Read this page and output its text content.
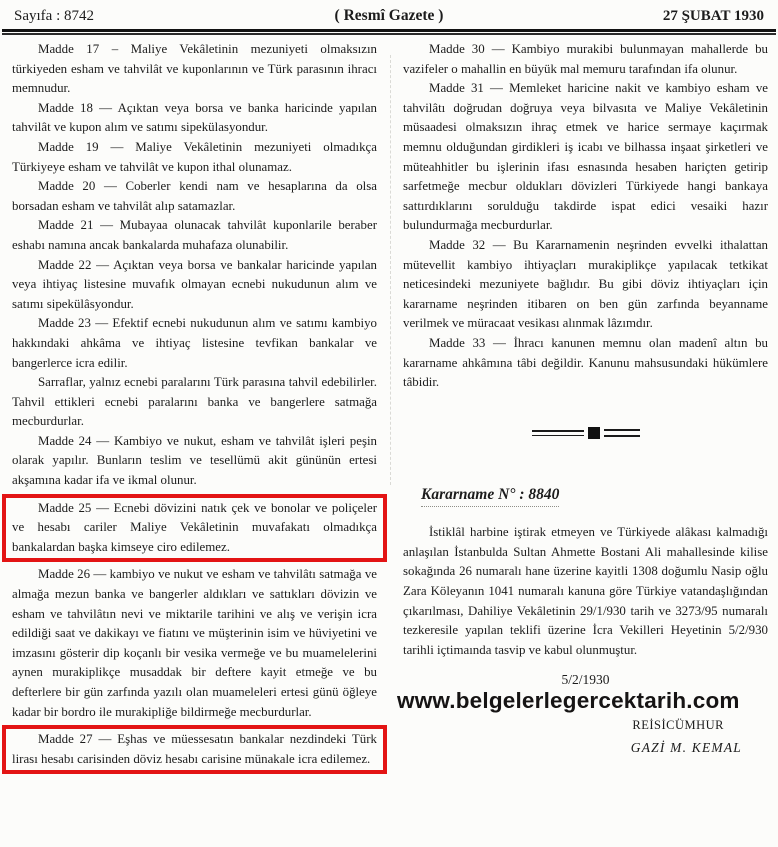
Sayıfa : 8742	( Resmî Gazete )	27 ŞUBAT 1930

Madde 17 – Maliye Vekâletinin mezuniyeti olmaksızın türkiyeden esham ve tahvilât ve kuponlarının ve Türk parasının ihracı memnudur.

Madde 18 — Açıktan veya borsa ve banka haricinde yapılan tahvilât ve kupon alım ve satımı sipekülasyondur.

Madde 19 — Maliye Vekâletinin mezuniyeti olmadıkça Türkiyeye esham ve tahvilât ve kupon ithal olunamaz.

Madde 20 — Coberler kendi nam ve hesaplarına da olsa borsadan esham ve tahvilât alıp satamazlar.

Madde 21 — Mubayaa olunacak tahvilât kuponlarile beraber eshabı namına ancak bankalarda muhafaza olunabilir.

Madde 22 — Açıktan veya borsa ve bankalar haricinde yapılan veya ihtiyaç listesine muvafık olmayan ecnebi nukudunun alım ve satımı sipekülâsyondur.

Madde 23 — Efektif ecnebi nukudunun alım ve satımı kambiyo hakkındaki ahkâma ve ihtiyaç listesine tevfikan bankalar ve bangerlerce icra edilir.

Sarraflar, yalnız ecnebi paralarını Türk parasına tahvil edebilirler. Tahvil ettikleri ecnebi paralarını banka ve bangerlere satmağa mecburdurlar.

Madde 24 — Kambiyo ve nukut, esham ve tahvilât işleri peşin olarak yapılır. Bunların teslim ve tesellümü akit gününün ertesi akşamına kadar ifa ve ikmal olunur.

Madde 25 — Ecnebi dövizini natık çek ve bonolar ve poliçeler ve hesabı cariler Maliye Vekâletinin muvafakatı olmadıkça bankalardan başka kimseye ciro edilemez.

Madde 26 — kambiyo ve nukut ve esham ve tahvilâtı satmağa ve almağa mezun banka ve bangerler aldıkları ve sattıkları dövizin ve esham ve tahvilâtın nevi ve miktarile tarihini ve alış ve verişin icra edildiği saat ve dakikayı ve fiatını ve müşterinin isim ve hüviyetini ve imzasını gösterir dip koçanlı bir vesika vermeğe ve bu muamelelerini aynen murakiplikçe musaddak bir deftere kayit etmeğe ve bu defterlere bir gün zarfında yazılı olan muameleleri ertesi günü öğleye kadar bir bordro ile murakipliğe bildirmeğe mecburdurlar.

Madde 27 — Eşhas ve müessesatın bankalar nezdindeki Türk lirası hesabı carisinden döviz hesabı carisine münakale icra edilemez.

Madde 30 — Kambiyo murakibi bulunmayan mahallerde bu vazifeler o mahallin en büyük mal memuru tarafından ifa olunur.

Madde 31 — Memleket haricine nakit ve kambiyo esham ve tahvilâtı doğrudan doğruya veya bilvasıta ve Maliye Vekâletinin müsaadesi olmaksızın ihraç etmek ve harice sermaye kaçırmak memnu olduğundan girdikleri iş icabı ve bilhassa inşaat şirketleri ve müteahhitler bu işlerinin ifası esnasında hesaben hariçten getirip sarfetmeğe mecbur oldukları dövizleri Türkiyede hangi bankaya sattırdıklarını sorulduğu takdirde ispat edici vesaiki hazır bulundurmağa mecburdurlar.

Madde 32 — Bu Kararnamenin neşrinden evvelki ithalattan mütevellit kambiyo ihtiyaçları murakiplikçe yapılacak tetkikat neticesindeki mezuniyete bağlıdır. Bu gibi döviz ihtiyaçları için kararname neşrinden itibaren on ben gün zarfında beyanname verilmek ve müracaat vesikası alınmak lâzımdır.

Madde 33 — İhracı kanunen memnu olan madenî altın bu kararname ahkâmına tâbi değildir. Kanunu mahsusundaki hükümlere tâbidir.

Kararname N° : 8840

İstiklâl harbine iştirak etmeyen ve Türkiyede alâkası kalmadığı anlaşılan İstanbulda Sultan Ahmette Bostani Ali mahallesinde kilise sokağında 26 numaralı hane üzerine kayitli 1308 doğumlu Nasip oğlu Zara Köleyanın 1041 numaralı kanuna göre Türkiye vatandaşlığından çıkarılması, Dahiliye Vekâletinin 29/1/930 tarih ve 3273/95 numaralı tezkeresile yapılan teklifi üzerine İcra Vekilleri Heyetinin 5/2/930 tarihli içtimaında tasvip ve kabul olunmuştur.

5/2/1930
www.belgelerlegercektarih.com
REİSİCÜMHUR
GAZİ M. KEMAL
